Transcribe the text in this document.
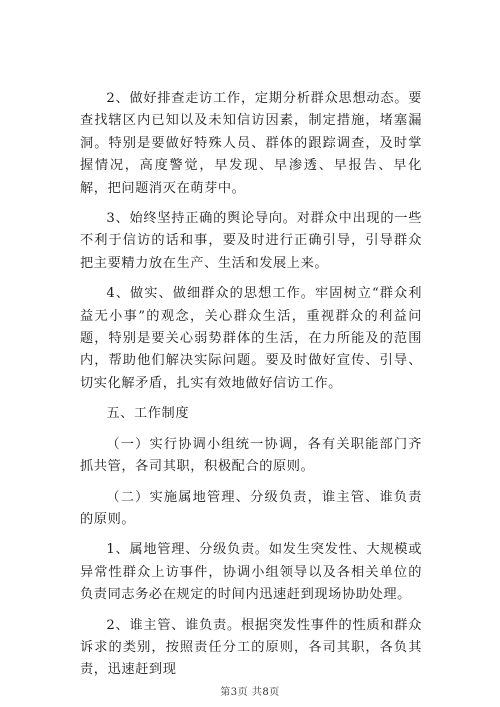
2、做好排查走访工作，定期分析群众思想动态。要查找辖区内已知以及未知信访因素，制定措施，堵塞漏洞。特别是要做好特殊人员、群体的跟踪调查，及时掌握情况，高度警觉，早发现、早渗透、早报告、早化解，把问题消灭在萌芽中。

3、始终坚持正确的舆论导向。对群众中出现的一些不利于信访的话和事，要及时进行正确引导，引导群众把主要精力放在生产、生活和发展上来。

4、做实、做细群众的思想工作。牢固树立“群众利益无小事”的观念，关心群众生活，重视群众的利益问题，特别是要关心弱势群体的生活，在力所能及的范围内，帮助他们解决实际问题。要及时做好宣传、引导、切实化解矛盾，扎实有效地做好信访工作。

五、工作制度

（一）实行协调小组统一协调，各有关职能部门齐抓共管，各司其职，积极配合的原则。

（二）实施属地管理、分级负责，谁主管、谁负责的原则。

1、属地管理、分级负责。如发生突发性、大规模或异常性群众上访事件，协调小组领导以及各相关单位的负责同志务必在规定的时间内迅速赶到现场协助处理。

2、谁主管、谁负责。根据突发性事件的性质和群众诉求的类别，按照责任分工的原则，各司其职，各负其责，迅速赶到现

第3页 共8页
